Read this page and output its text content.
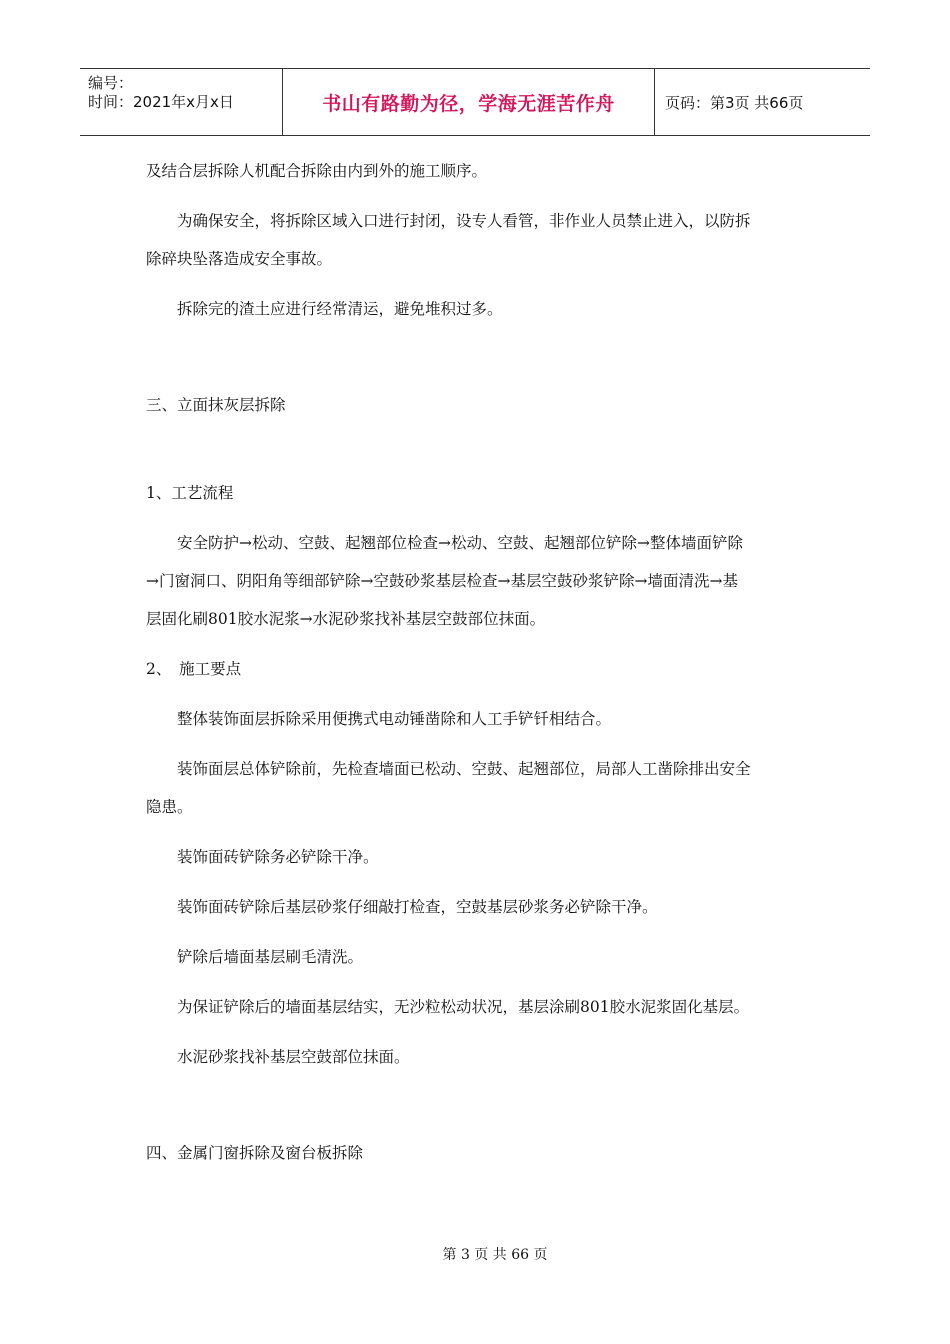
编号：
时间：2021年x月x日	书山有路勤为径，学海无涯苦作舟	页码：第3页 共66页

及结合层拆除人机配合拆除由内到外的施工顺序。

为确保安全，将拆除区域入口进行封闭，设专人看管，非作业人员禁止进入，以防拆

除碎块坠落造成安全事故。

拆除完的渣土应进行经常清运，避免堆积过多。

三、立面抹灰层拆除

1、工艺流程

安全防护→松动、空鼓、起翘部位检查→松动、空鼓、起翘部位铲除→整体墙面铲除

→门窗洞口、阴阳角等细部铲除→空鼓砂浆基层检查→基层空鼓砂浆铲除→墙面清洗→基

层固化刷801胶水泥浆→水泥砂浆找补基层空鼓部位抹面。

2、　施工要点

整体装饰面层拆除采用便携式电动锤凿除和人工手铲钎相结合。

装饰面层总体铲除前，先检查墙面已松动、空鼓、起翘部位，局部人工凿除排出安全

隐患。

装饰面砖铲除务必铲除干净。

装饰面砖铲除后基层砂浆仔细敲打检查，空鼓基层砂浆务必铲除干净。

铲除后墙面基层刷毛清洗。

为保证铲除后的墙面基层结实，无沙粒松动状况，基层涂刷801胶水泥浆固化基层。

水泥砂浆找补基层空鼓部位抹面。

四、金属门窗拆除及窗台板拆除

第 3 页 共 66 页
